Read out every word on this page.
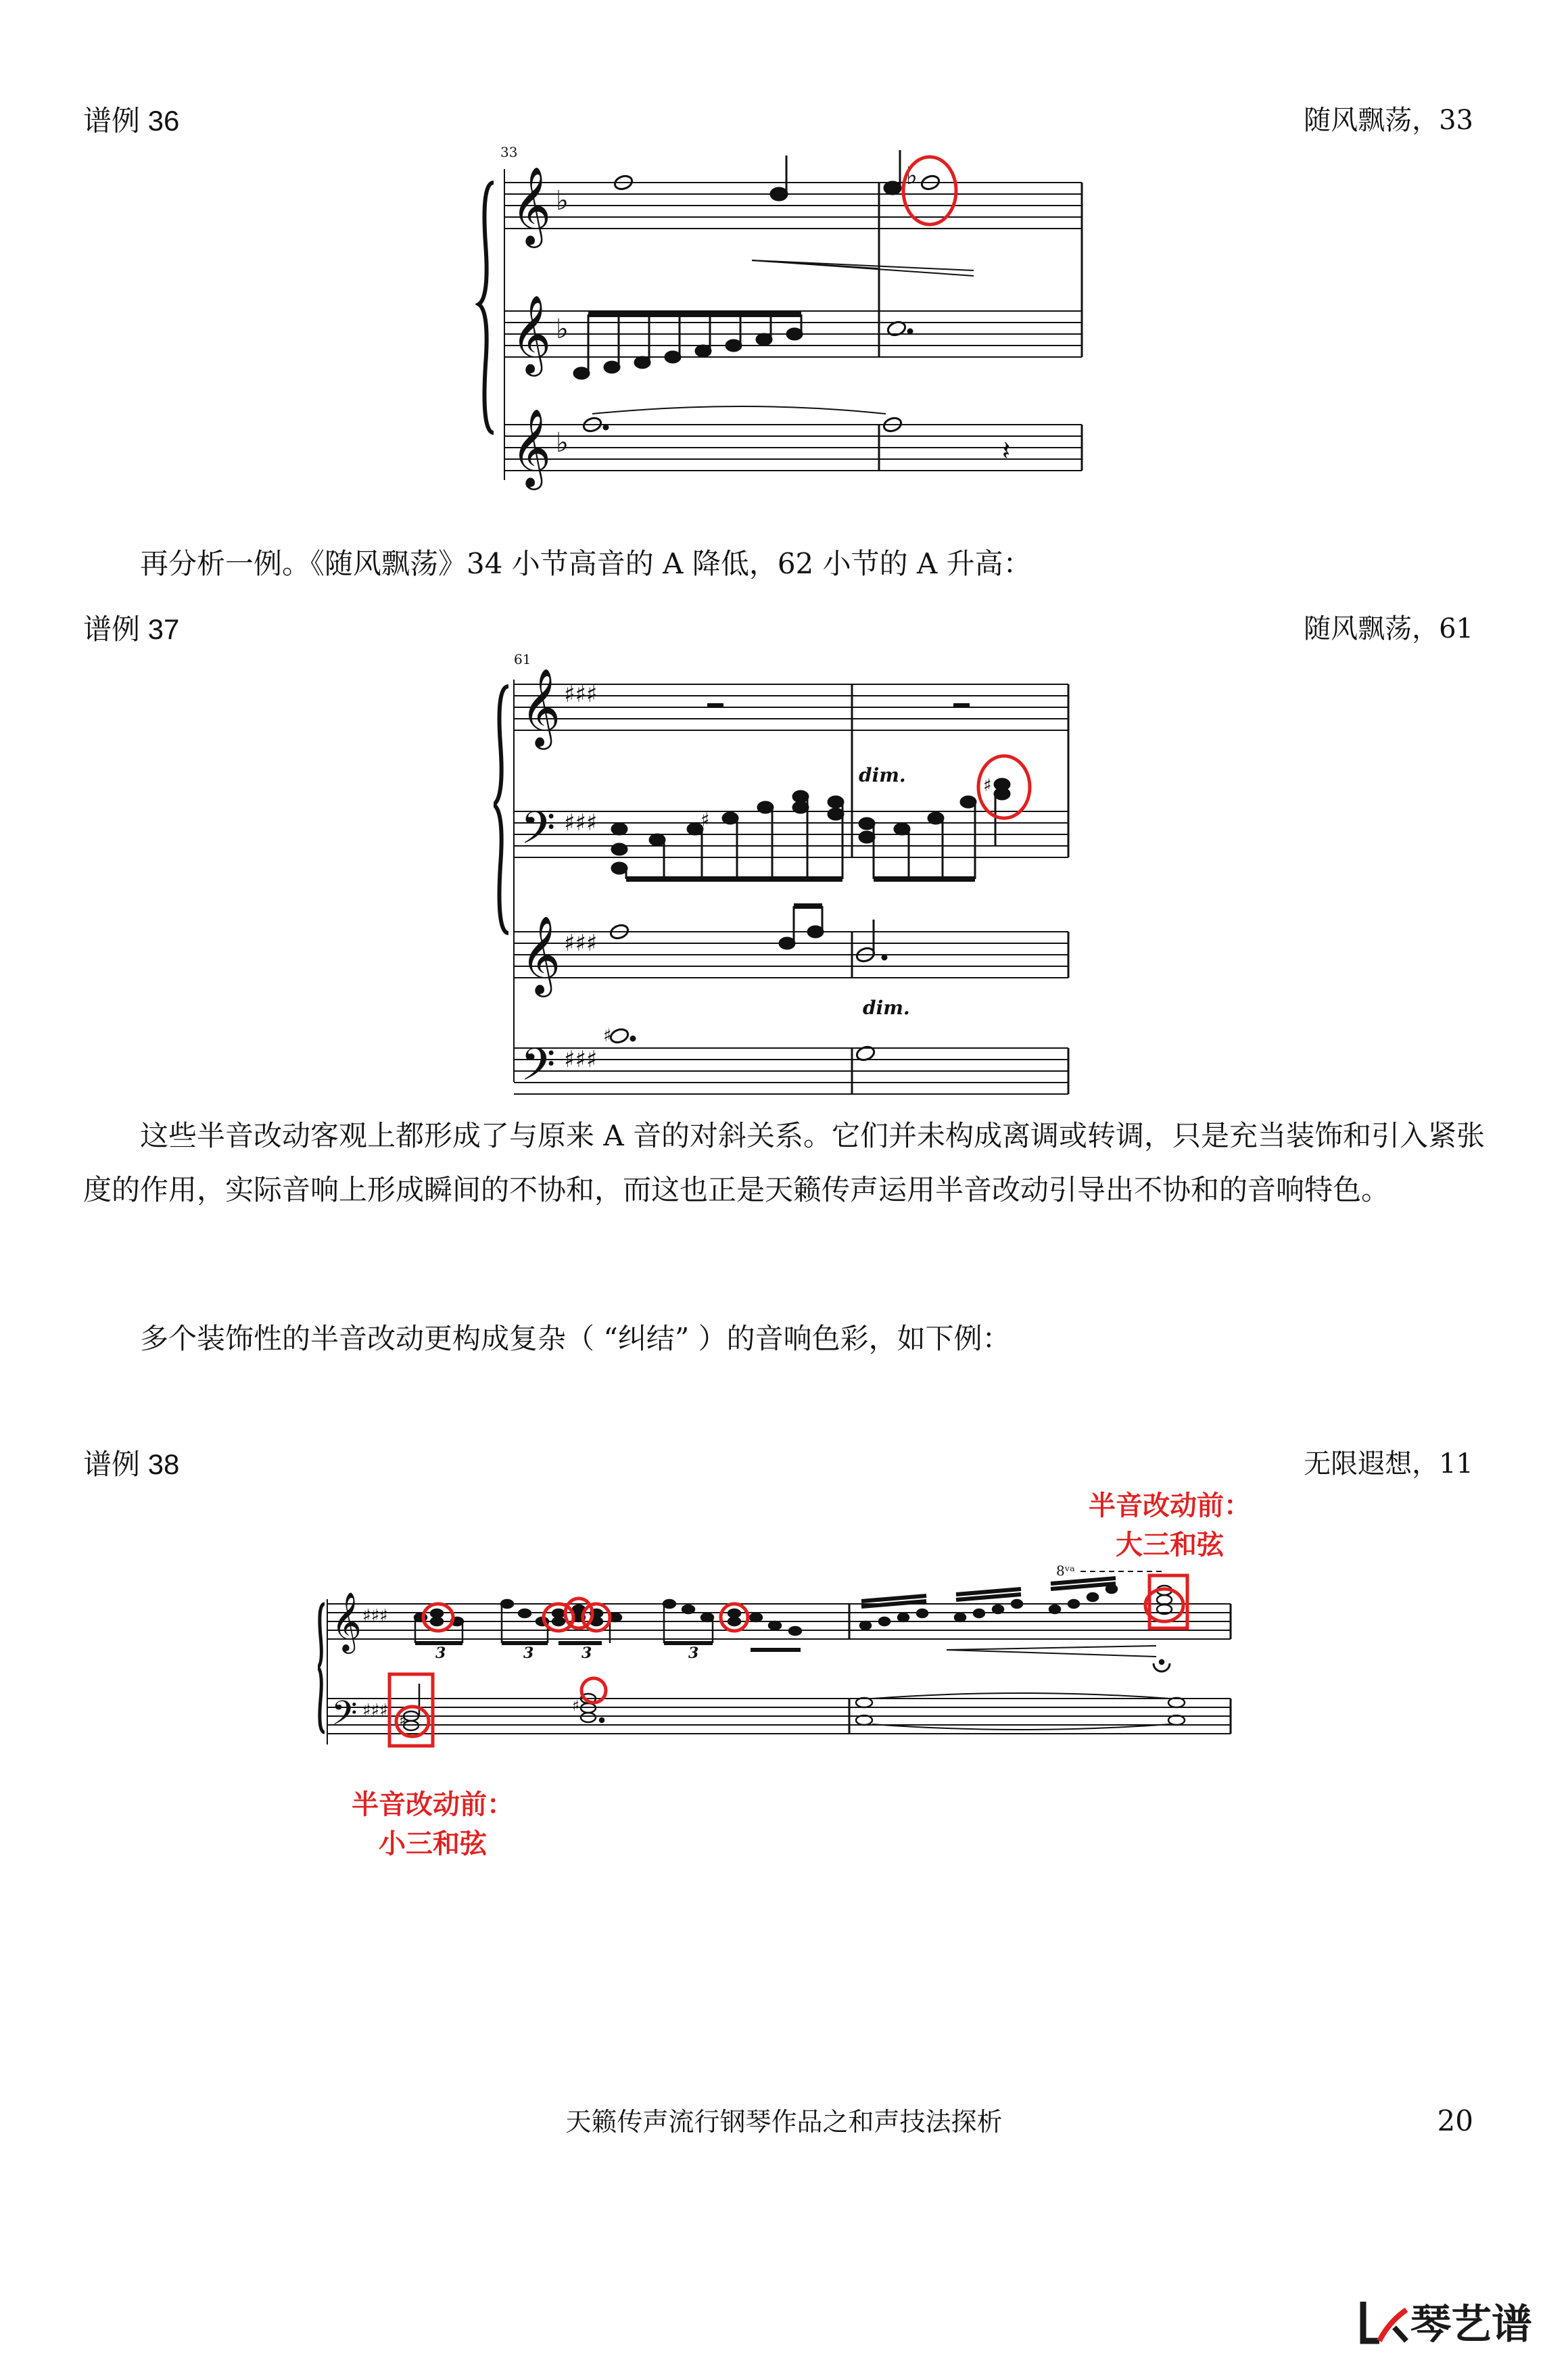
谱例 36	随风飘荡，33
33
𝄞
𝄞
𝄞
♭
♭
♭
♭
𝄽
再分析一例。《随风飘荡》34 小节高音的 A 降低，62 小节的 A 升高：
谱例 37	随风飘荡，61
61
𝄞
𝄢
𝄞
𝄢
♯♯♯
♯♯♯
♯♯♯
♯♯♯
dim.
♯
♯
dim.
♯
这些半音改动客观上都形成了与原来 A 音的对斜关系。它们并未构成离调或转调，只是充当装饰和引入紧张度的作用，实际音响上形成瞬间的不协和，而这也正是天籁传声运用半音改动引导出不协和的音响特色。
多个装饰性的半音改动更构成复杂（ “纠结” ）的音响色彩，如下例：
谱例 38	无限遐想，11
半音改动前：
大三和弦
𝄞
𝄢
♯♯♯
♯♯♯
3	3	3	3
8ᵛᵃ
♯
♯
半音改动前：
小三和弦
天籁传声流行钢琴作品之和声技法探析	20
琴艺谱
